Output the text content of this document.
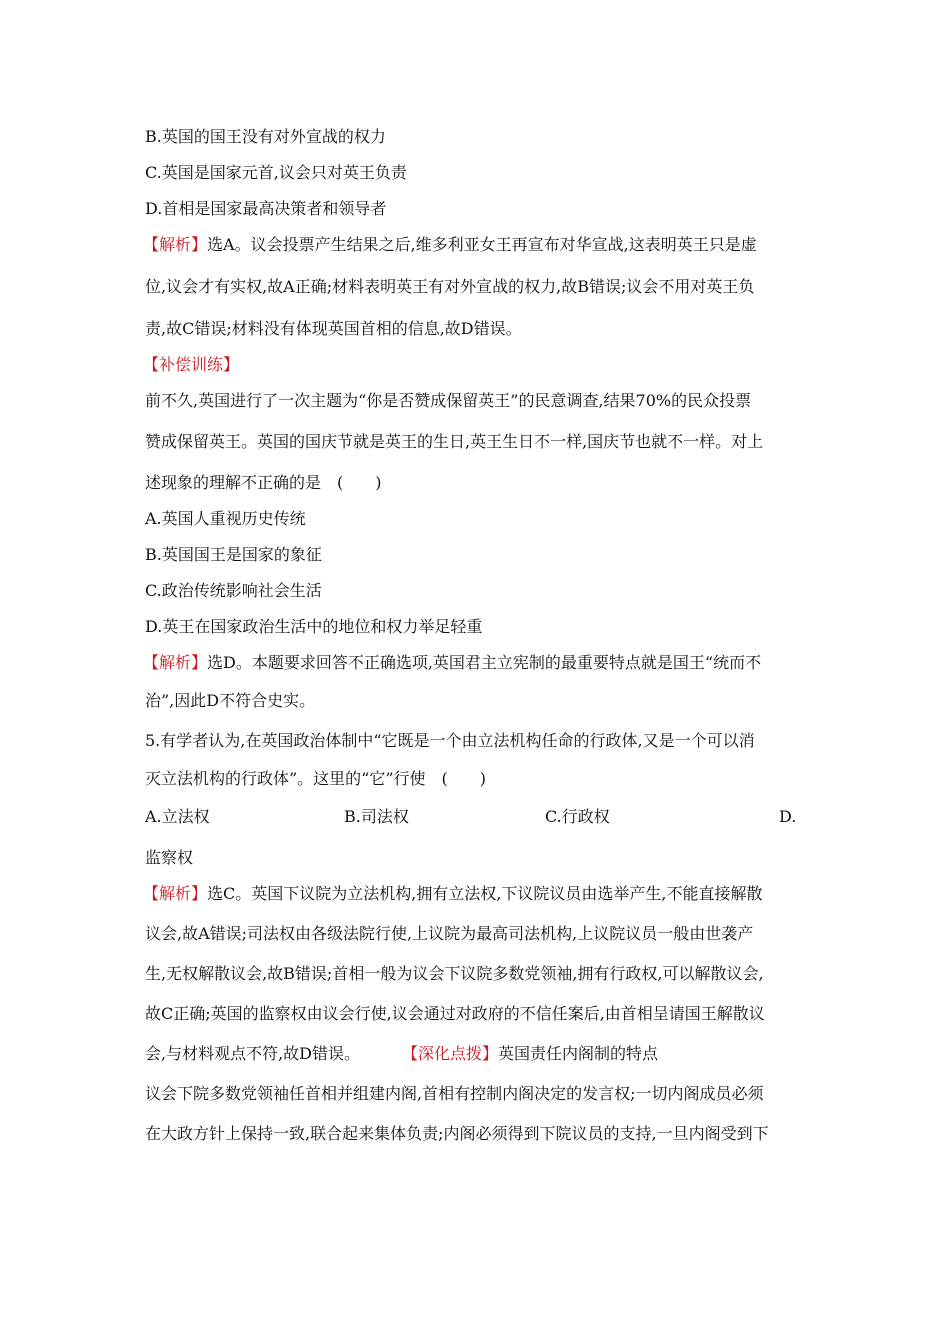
B.英国的国王没有对外宣战的权力
C.英国是国家元首,议会只对英王负责
D.首相是国家最高决策者和领导者
【解析】选A。议会投票产生结果之后,维多利亚女王再宣布对华宣战,这表明英王只是虚
位,议会才有实权,故A正确;材料表明英王有对外宣战的权力,故B错误;议会不用对英王负
责,故C错误;材料没有体现英国首相的信息,故D错误。
【补偿训练】
前不久,英国进行了一次主题为“你是否赞成保留英王”的民意调查,结果70%的民众投票
赞成保留英王。英国的国庆节就是英王的生日,英王生日不一样,国庆节也就不一样。对上
述现象的理解不正确的是　(　　)
A.英国人重视历史传统
B.英国国王是国家的象征
C.政治传统影响社会生活
D.英王在国家政治生活中的地位和权力举足轻重
【解析】选D。本题要求回答不正确选项,英国君主立宪制的最重要特点就是国王“统而不
治”,因此D不符合史实。
5.有学者认为,在英国政治体制中“它既是一个由立法机构任命的行政体,又是一个可以消
灭立法机构的行政体”。这里的“它”行使　(　　)
A.立法权	B.司法权	C.行政权	D.
监察权
【解析】选C。英国下议院为立法机构,拥有立法权,下议院议员由选举产生,不能直接解散
议会,故A错误;司法权由各级法院行使,上议院为最高司法机构,上议院议员一般由世袭产
生,无权解散议会,故B错误;首相一般为议会下议院多数党领袖,拥有行政权,可以解散议会,
故C正确;英国的监察权由议会行使,议会通过对政府的不信任案后,由首相呈请国王解散议
会,与材料观点不符,故D错误。	【深化点拨】英国责任内阁制的特点
议会下院多数党领袖任首相并组建内阁,首相有控制内阁决定的发言权;一切内阁成员必须
在大政方针上保持一致,联合起来集体负责;内阁必须得到下院议员的支持,一旦内阁受到下
